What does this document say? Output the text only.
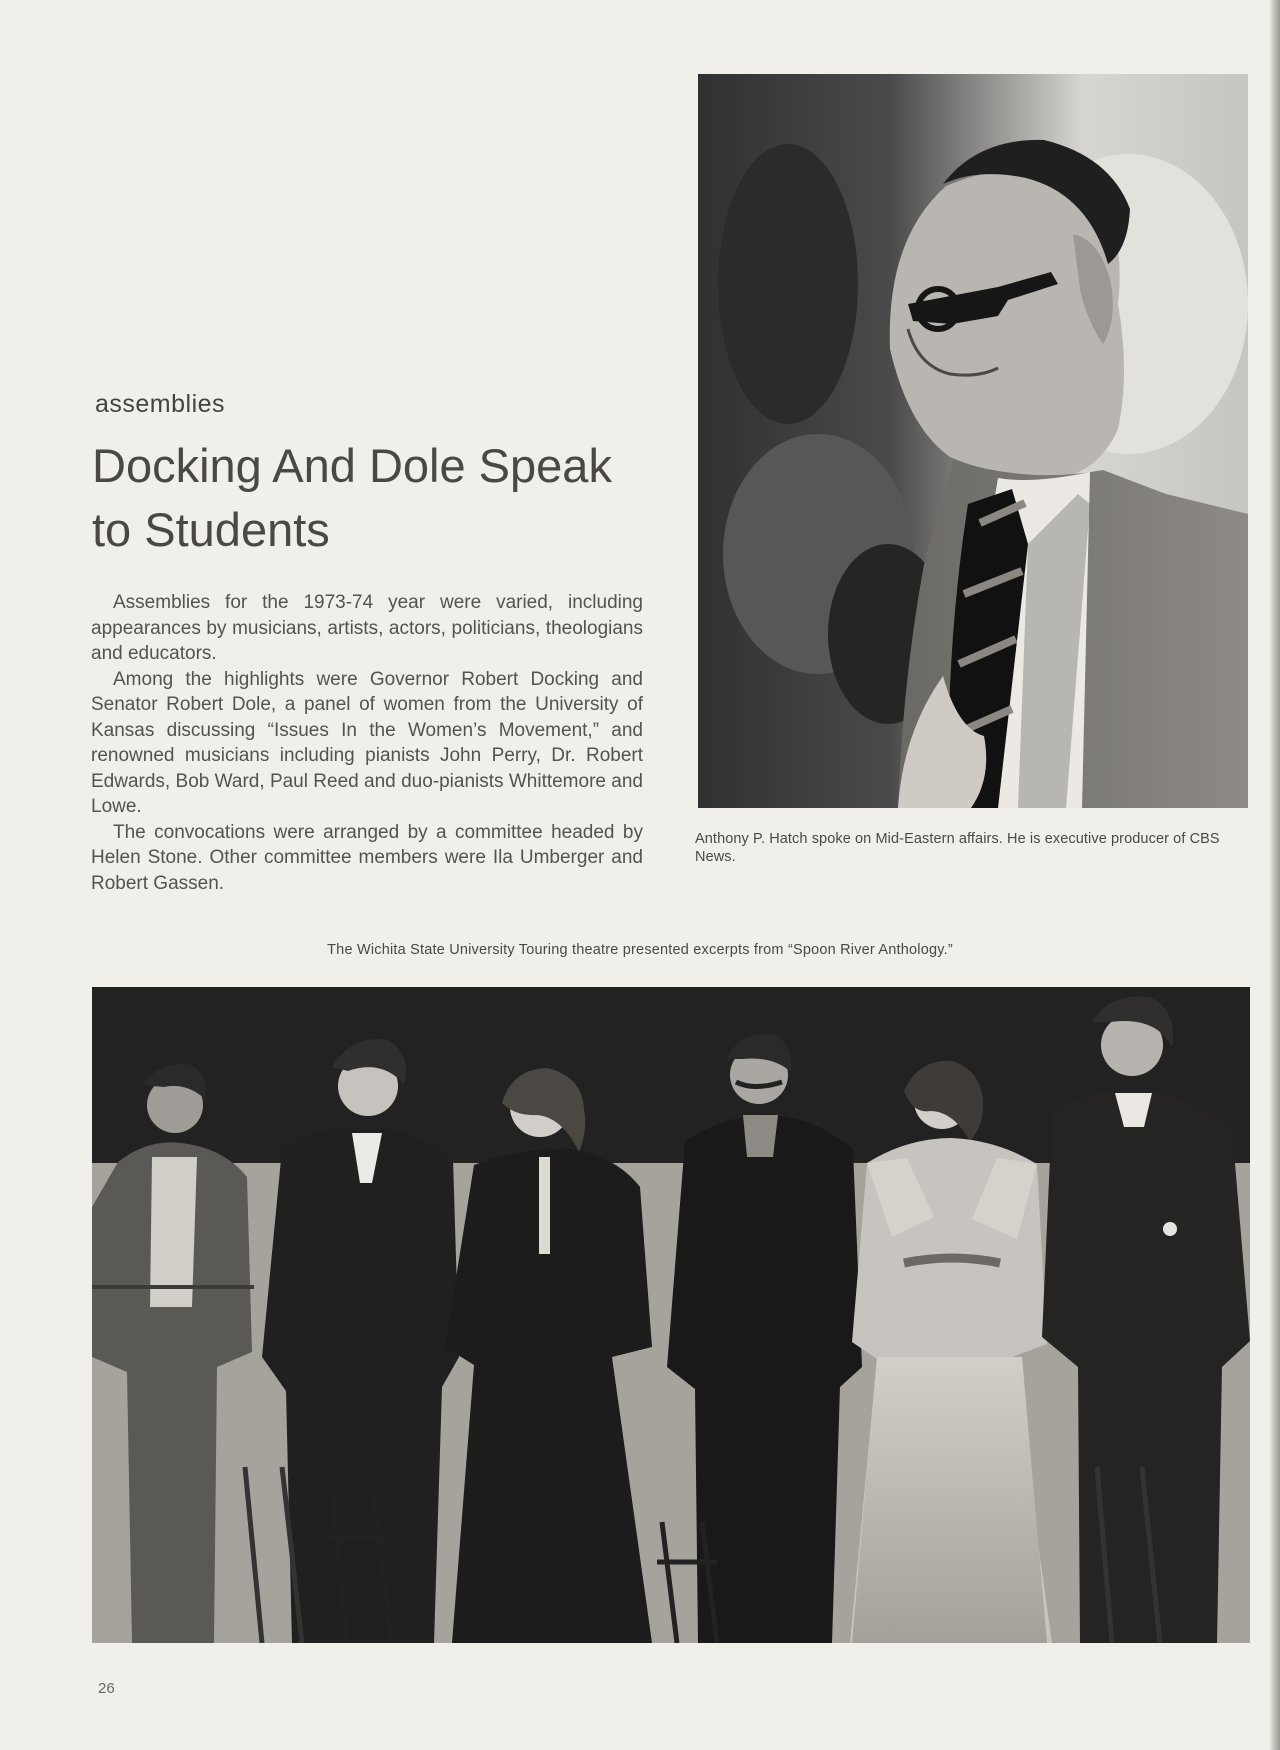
assemblies
Docking And Dole Speak to Students

Assemblies for the 1973-74 year were varied, including appearances by musicians, artists, actors, politicians, theologians and educators.

Among the highlights were Governor Robert Docking and Senator Robert Dole, a panel of women from the University of Kansas discussing “Issues In the Women’s Movement,” and renowned musicians including pianists John Perry, Dr. Robert Edwards, Bob Ward, Paul Reed and duo-pianists Whittemore and Lowe.

The convocations were arranged by a committee headed by Helen Stone. Other committee members were Ila Umberger and Robert Gassen.

Anthony P. Hatch spoke on Mid-Eastern affairs. He is executive producer of CBS News.
The Wichita State University Touring theatre presented excerpts from “Spoon River Anthology.”
26
